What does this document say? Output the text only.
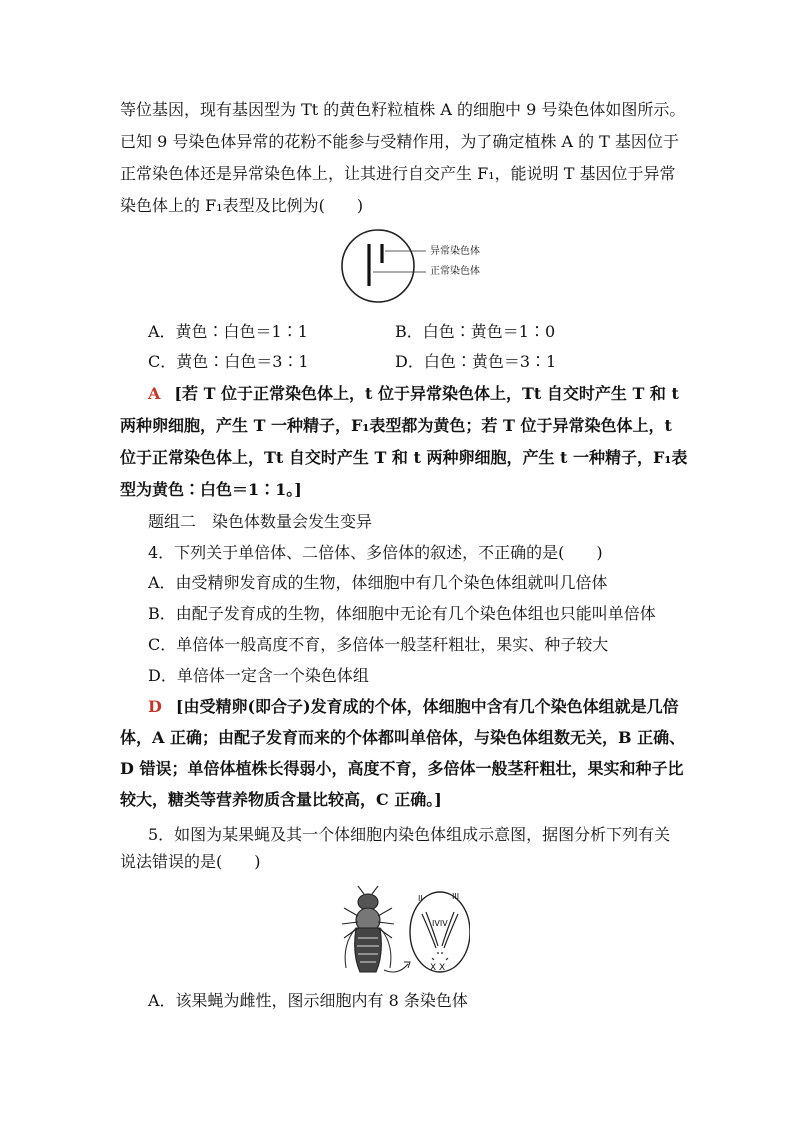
等位基因，现有基因型为 Tt 的黄色籽粒植株 A 的细胞中 9 号染色体如图所示。
已知 9 号染色体异常的花粉不能参与受精作用，为了确定植株 A 的 T 基因位于
正常染色体还是异常染色体上，让其进行自交产生 F₁，能说明 T 基因位于异常
染色体上的 F₁表型及比例为(　　)
异常染色体
正常染色体
A．黄色∶白色＝1∶1	B．白色∶黄色＝1∶0
C．黄色∶白色＝3∶1	D．白色∶黄色＝3∶1
A [若 T 位于正常染色体上，t 位于异常染色体上，Tt 自交时产生 T 和 t
两种卵细胞，产生 T 一种精子，F₁表型都为黄色；若 T 位于异常染色体上，t
位于正常染色体上，Tt 自交时产生 T 和 t 两种卵细胞，产生 t 一种精子，F₁表
型为黄色∶白色＝1∶1。]
题组二　染色体数量会发生变异
4．下列关于单倍体、二倍体、多倍体的叙述，不正确的是(　　)
A．由受精卵发育成的生物，体细胞中有几个染色体组就叫几倍体
B．由配子发育成的生物，体细胞中无论有几个染色体组也只能叫单倍体
C．单倍体一般高度不育，多倍体一般茎秆粗壮，果实、种子较大
D．单倍体一定含一个染色体组
D [由受精卵(即合子)发育成的个体，体细胞中含有几个染色体组就是几倍
体，A 正确；由配子发育而来的个体都叫单倍体，与染色体组数无关，B 正确、
D 错误；单倍体植株长得弱小，高度不育，多倍体一般茎秆粗壮，果实和种子比
较大，糖类等营养物质含量比较高，C 正确。]
5．如图为某果蝇及其一个体细胞内染色体组成示意图，据图分析下列有关
说法错误的是(　　)
II	III
IVIV
X X
A．该果蝇为雌性，图示细胞内有 8 条染色体
